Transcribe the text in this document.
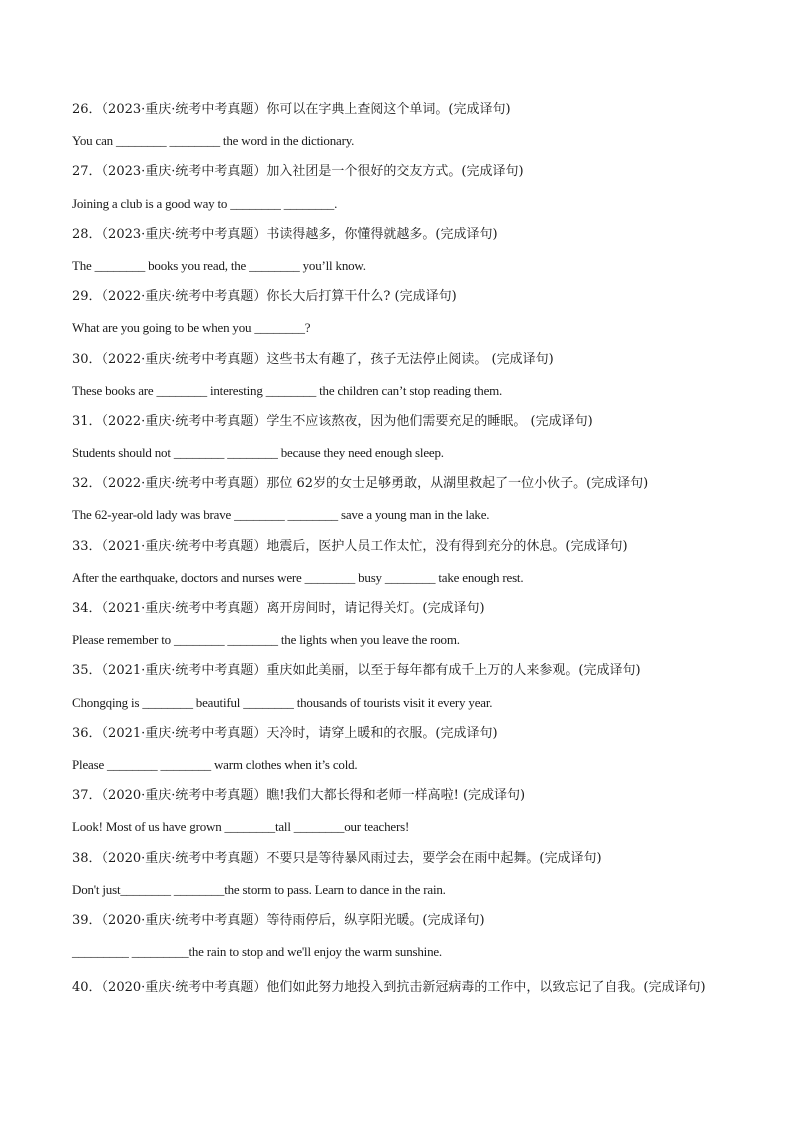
26．（2023·重庆·统考中考真题）你可以在字典上查阅这个单词。(完成译句)
You can ________ ________ the word in the dictionary.
27．（2023·重庆·统考中考真题）加入社团是一个很好的交友方式。(完成译句)
Joining a club is a good way to ________ ________.
28．（2023·重庆·统考中考真题）书读得越多，你懂得就越多。(完成译句)
The ________ books you read, the ________ you’ll know.
29．（2022·重庆·统考中考真题）你长大后打算干什么? (完成译句)
What are you going to be when you ________?
30．（2022·重庆·统考中考真题）这些书太有趣了，孩子无法停止阅读。 (完成译句)
These books are ________ interesting ________ the children can’t stop reading them.
31．（2022·重庆·统考中考真题）学生不应该熬夜，因为他们需要充足的睡眠。 (完成译句)
Students should not ________ ________ because they need enough sleep.
32．（2022·重庆·统考中考真题）那位 62岁的女士足够勇敢，从湖里救起了一位小伙子。(完成译句)
The 62-year-old lady was brave ________ ________ save a young man in the lake.
33．（2021·重庆·统考中考真题）地震后，医护人员工作太忙，没有得到充分的休息。(完成译句)
After the earthquake, doctors and nurses were ________ busy ________ take enough rest.
34．（2021·重庆·统考中考真题）离开房间时，请记得关灯。(完成译句)
Please remember to ________ ________ the lights when you leave the room.
35．（2021·重庆·统考中考真题）重庆如此美丽，以至于每年都有成千上万的人来参观。(完成译句)
Chongqing is ________ beautiful ________ thousands of tourists visit it every year.
36．（2021·重庆·统考中考真题）天冷时，请穿上暖和的衣服。(完成译句)
Please ________ ________ warm clothes when it’s cold.
37．（2020·重庆·统考中考真题）瞧!我们大都长得和老师一样高啦! (完成译句)
Look! Most of us have grown ________tall ________our teachers!
38．（2020·重庆·统考中考真题）不要只是等待暴风雨过去，要学会在雨中起舞。(完成译句)
Don't just________ ________the storm to pass. Learn to dance in the rain.
39．（2020·重庆·统考中考真题）等待雨停后，纵享阳光暖。(完成译句)
_________ _________the rain to stop and we'll enjoy the warm sunshine.
40．（2020·重庆·统考中考真题）他们如此努力地投入到抗击新冠病毒的工作中，以致忘记了自我。(完成译句)
